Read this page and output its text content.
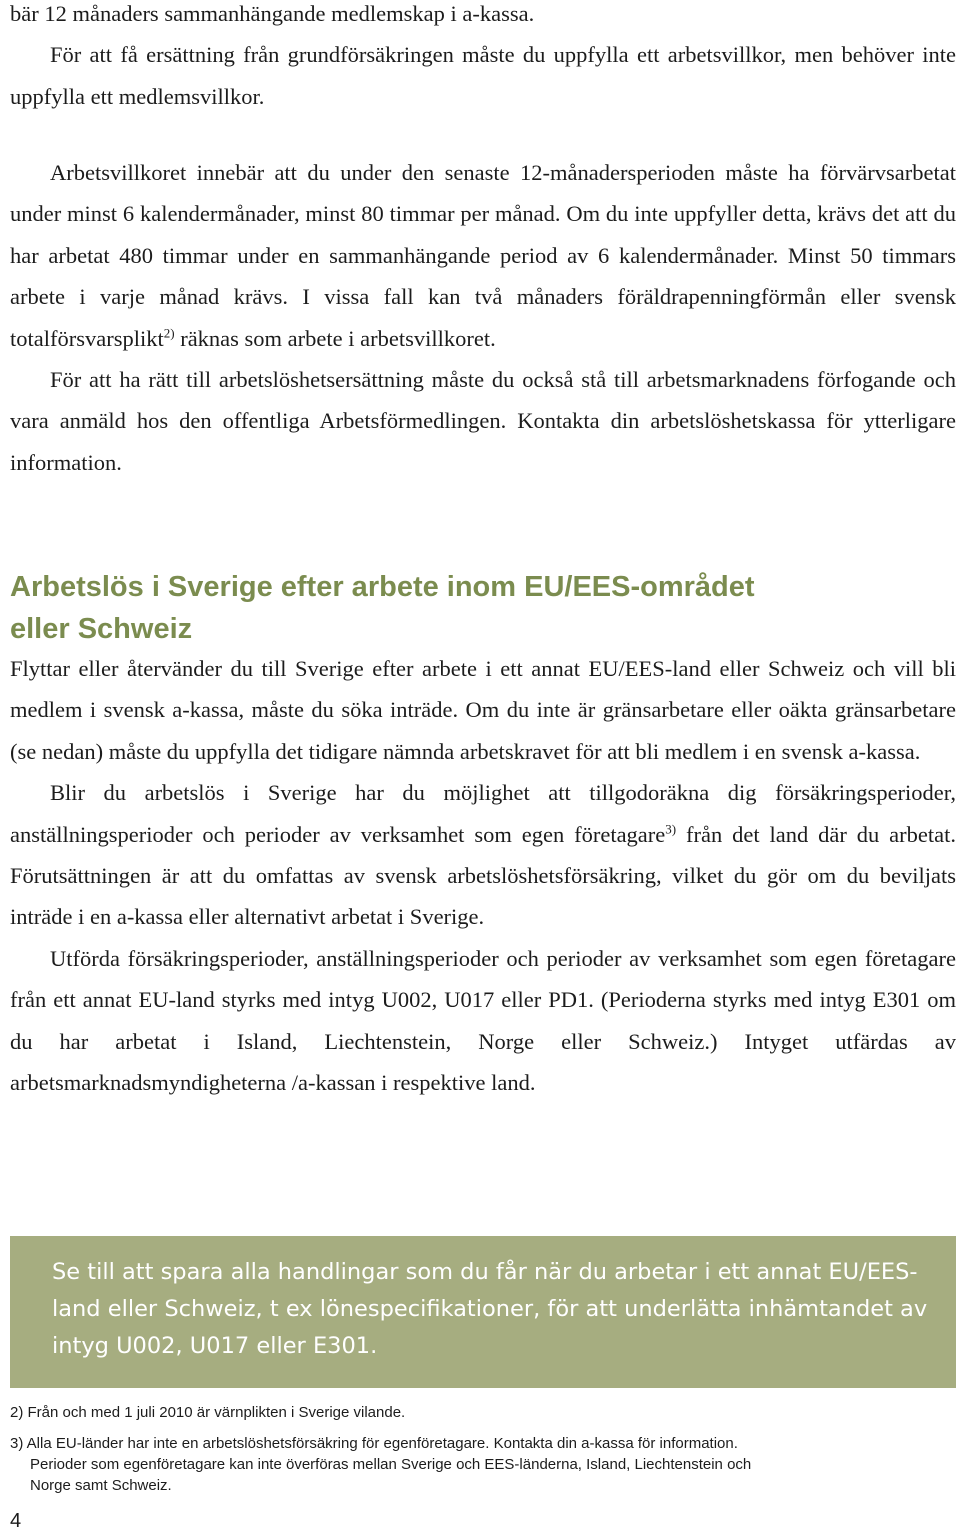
bär 12 månaders sammanhängande medlemskap i a-kassa.

För att få ersättning från grundförsäkringen måste du uppfylla ett arbetsvillkor, men behöver inte uppfylla ett medlemsvillkor.

Arbetsvillkoret innebär att du under den senaste 12-månadersperioden måste ha förvärvsarbetat under minst 6 kalendermånader, minst 80 timmar per månad. Om du inte uppfyller detta, krävs det att du har arbetat 480 timmar under en sammanhängande period av 6 kalendermånader. Minst 50 timmars arbete i varje månad krävs. I vissa fall kan två månaders föräldrapenningförmån eller svensk totalförsvarsplikt$^{2)}$ räknas som arbete i arbetsvillkoret.

För att ha rätt till arbetslöshetsersättning måste du också stå till arbetsmarknadens förfogande och vara anmäld hos den offentliga Arbetsförmedlingen. Kontakta din arbetslöshetskassa för ytterligare information.

Arbetslös i Sverige efter arbete inom EU/EES-området
eller Schweiz

Flyttar eller återvänder du till Sverige efter arbete i ett annat EU/EES-land eller Schweiz och vill bli medlem i svensk a-kassa, måste du söka inträde. Om du inte är gränsarbetare eller oäkta gränsarbetare (se nedan) måste du uppfylla det tidigare nämnda arbetskravet för att bli medlem i en svensk a-kassa.

Blir du arbetslös i Sverige har du möjlighet att tillgodoräkna dig försäkringsperioder, anställningsperioder och perioder av verksamhet som egen företagare$^{3)}$ från det land där du arbetat. Förutsättningen är att du omfattas av svensk arbetslöshetsförsäkring, vilket du gör om du beviljats inträde i en a-kassa eller alternativt arbetat i Sverige.

Utförda försäkringsperioder, anställningsperioder och perioder av verksamhet som egen företagare från ett annat EU-land styrks med intyg U002, U017 eller PD1. (Perioderna styrks med intyg E301 om du har arbetat i Island, Liechtenstein, Norge eller Schweiz.) Intyget utfärdas av arbetsmarknadsmyndigheterna /a-kassan i respektive land.

Se till att spara alla handlingar som du får när du arbetar i ett annat EU/EES-land eller Schweiz, t ex lönespecifikationer, för att underlätta inhämtandet av intyg U002, U017 eller E301.

2) Från och med 1 juli 2010 är värnplikten i Sverige vilande.

3) Alla EU-länder har inte en arbetslöshetsförsäkring för egenföretagare. Kontakta din a-kassa för information. Perioder som egenföretagare kan inte överföras mellan Sverige och EES-länderna, Island, Liechtenstein och Norge samt Schweiz.

4
